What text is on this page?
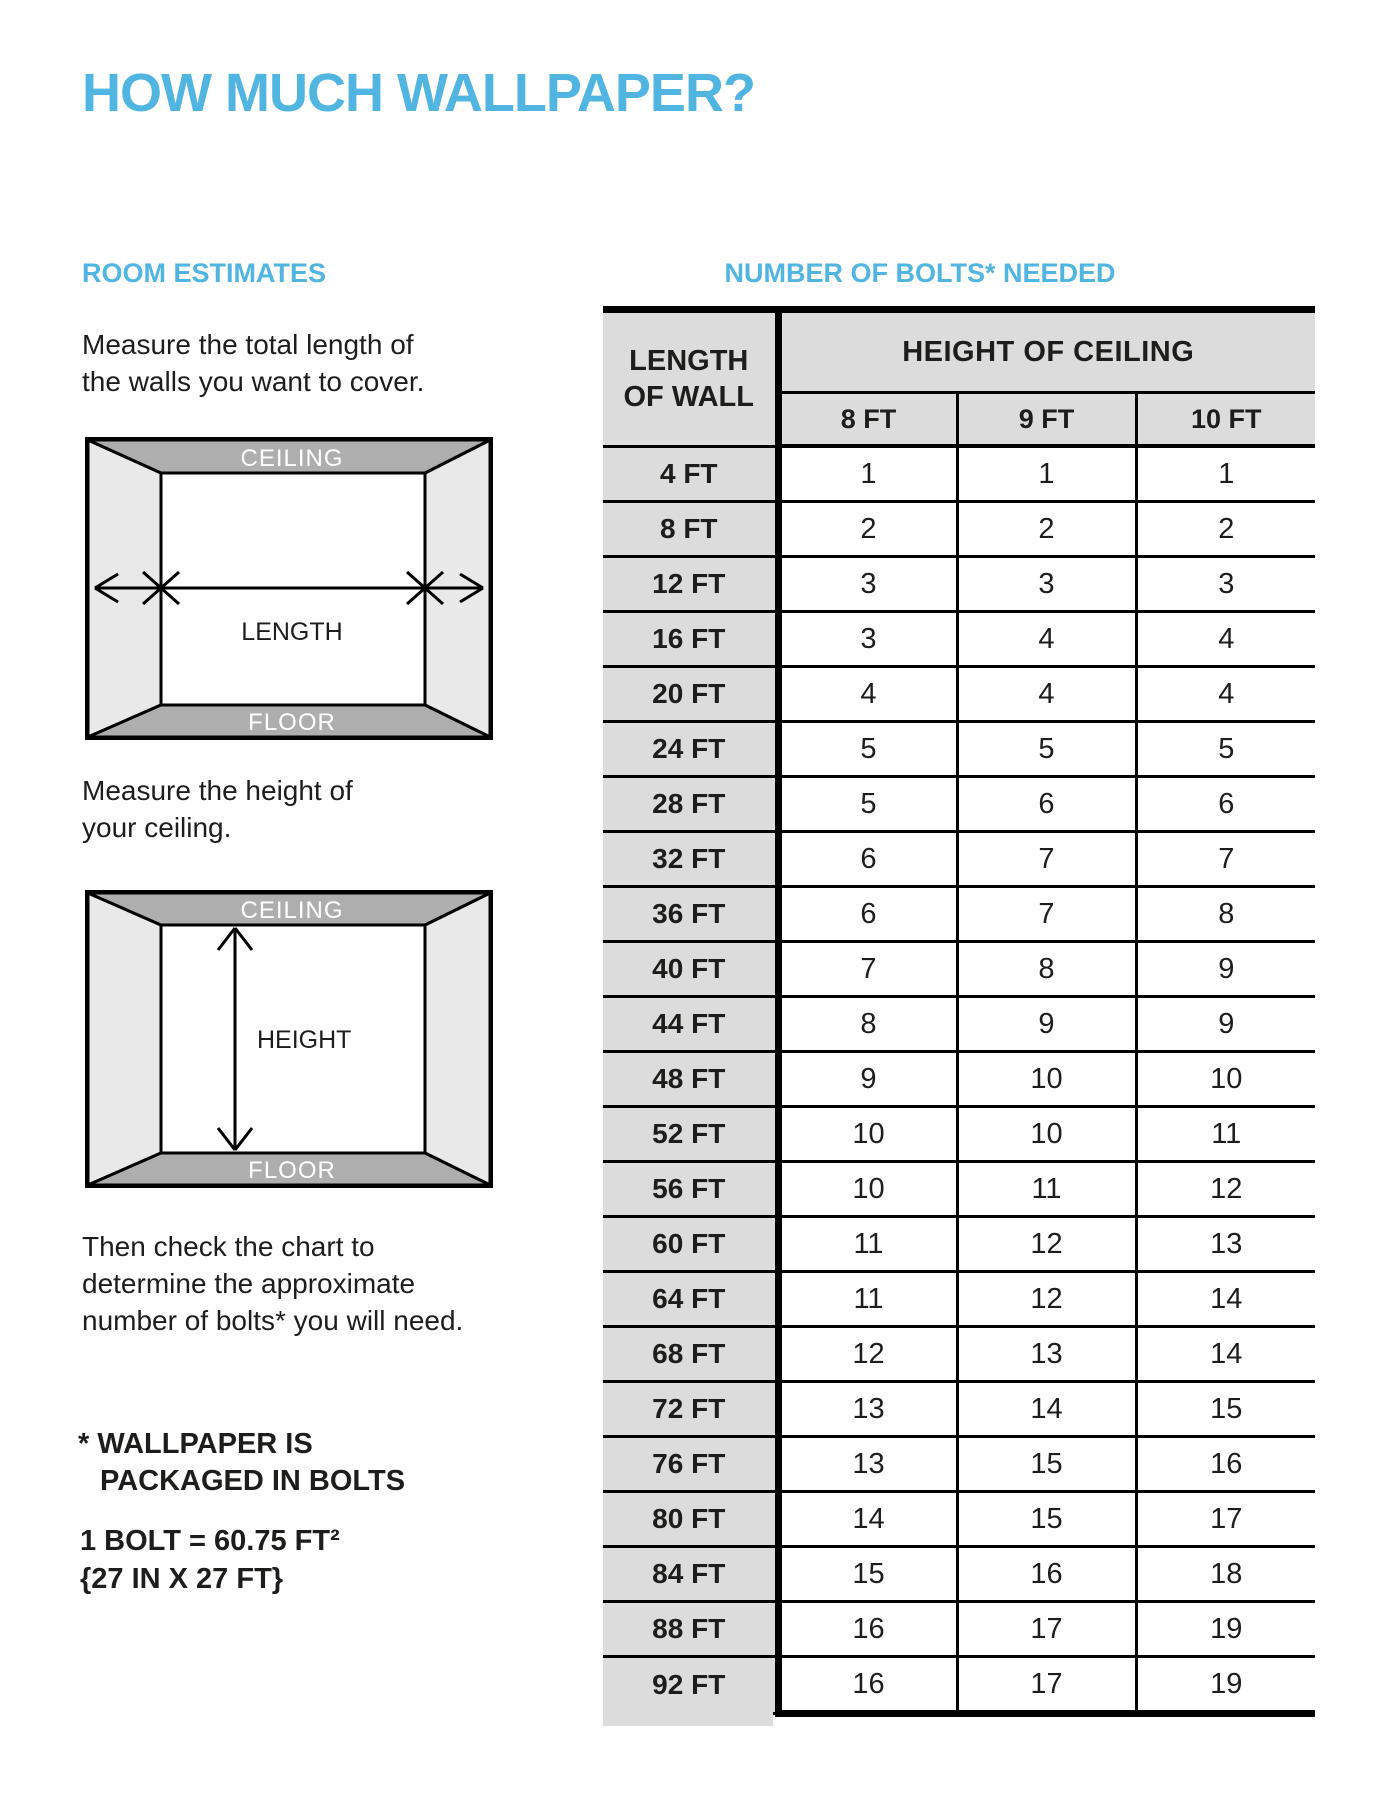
HOW MUCH WALLPAPER?
ROOM ESTIMATES	NUMBER OF BOLTS* NEEDED
Measure the total length of
the walls you want to cover.
CEILING
FLOOR
LENGTH
Measure the height of
your ceiling.
CEILING
FLOOR
HEIGHT
Then check the chart to
determine the approximate
number of bolts* you will need.
* WALLPAPER IS
PACKAGED IN BOLTS
1 BOLT = 60.75 FT²
{27 IN X 27 FT}
LENGTH
OF WALL	HEIGHT OF CEILING		
	8 FT	9 FT	10 FT
4 FT	1	1	1
8 FT	2	2	2
12 FT	3	3	3
16 FT	3	4	4
20 FT	4	4	4
24 FT	5	5	5
28 FT	5	6	6
32 FT	6	7	7
36 FT	6	7	8
40 FT	7	8	9
44 FT	8	9	9
48 FT	9	10	10
52 FT	10	10	11
56 FT	10	11	12
60 FT	11	12	13
64 FT	11	12	14
68 FT	12	13	14
72 FT	13	14	15
76 FT	13	15	16
80 FT	14	15	17
84 FT	15	16	18
88 FT	16	17	19
92 FT	16	17	19
